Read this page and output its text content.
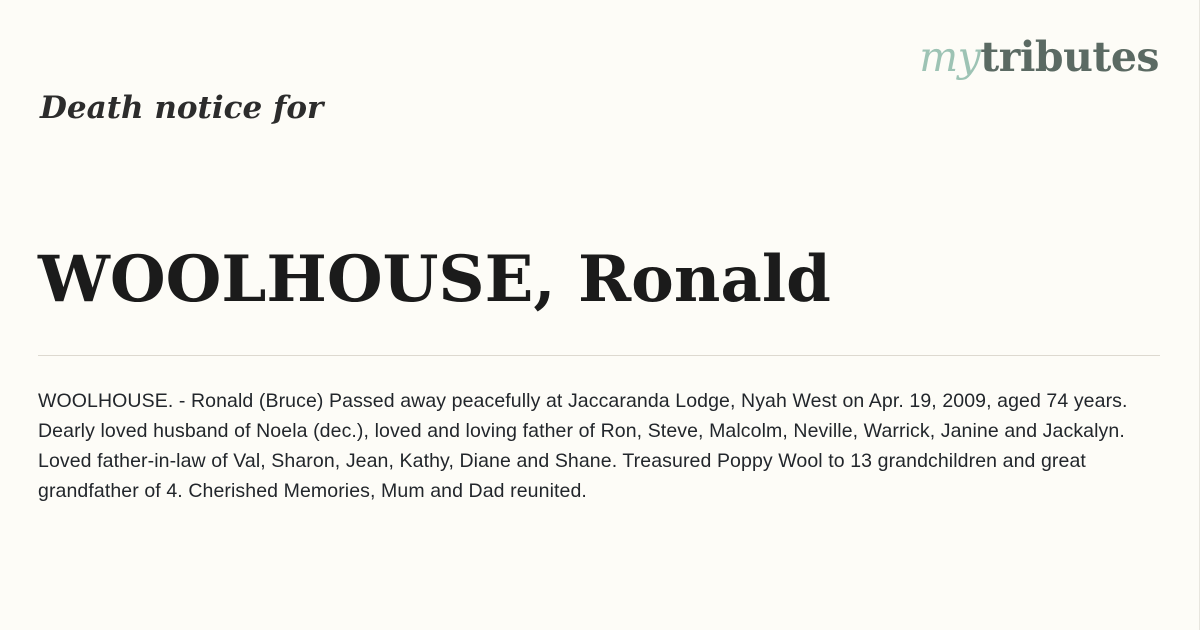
mytributes
Death notice for
WOOLHOUSE, Ronald
WOOLHOUSE. - Ronald (Bruce) Passed away peacefully at Jaccaranda Lodge, Nyah West on Apr. 19, 2009, aged 74 years. Dearly loved husband of Noela (dec.), loved and loving father of Ron, Steve, Malcolm, Neville, Warrick, Janine and Jackalyn. Loved father-in-law of Val, Sharon, Jean, Kathy, Diane and Shane. Treasured Poppy Wool to 13 grandchildren and great grandfather of 4. Cherished Memories, Mum and Dad reunited.
